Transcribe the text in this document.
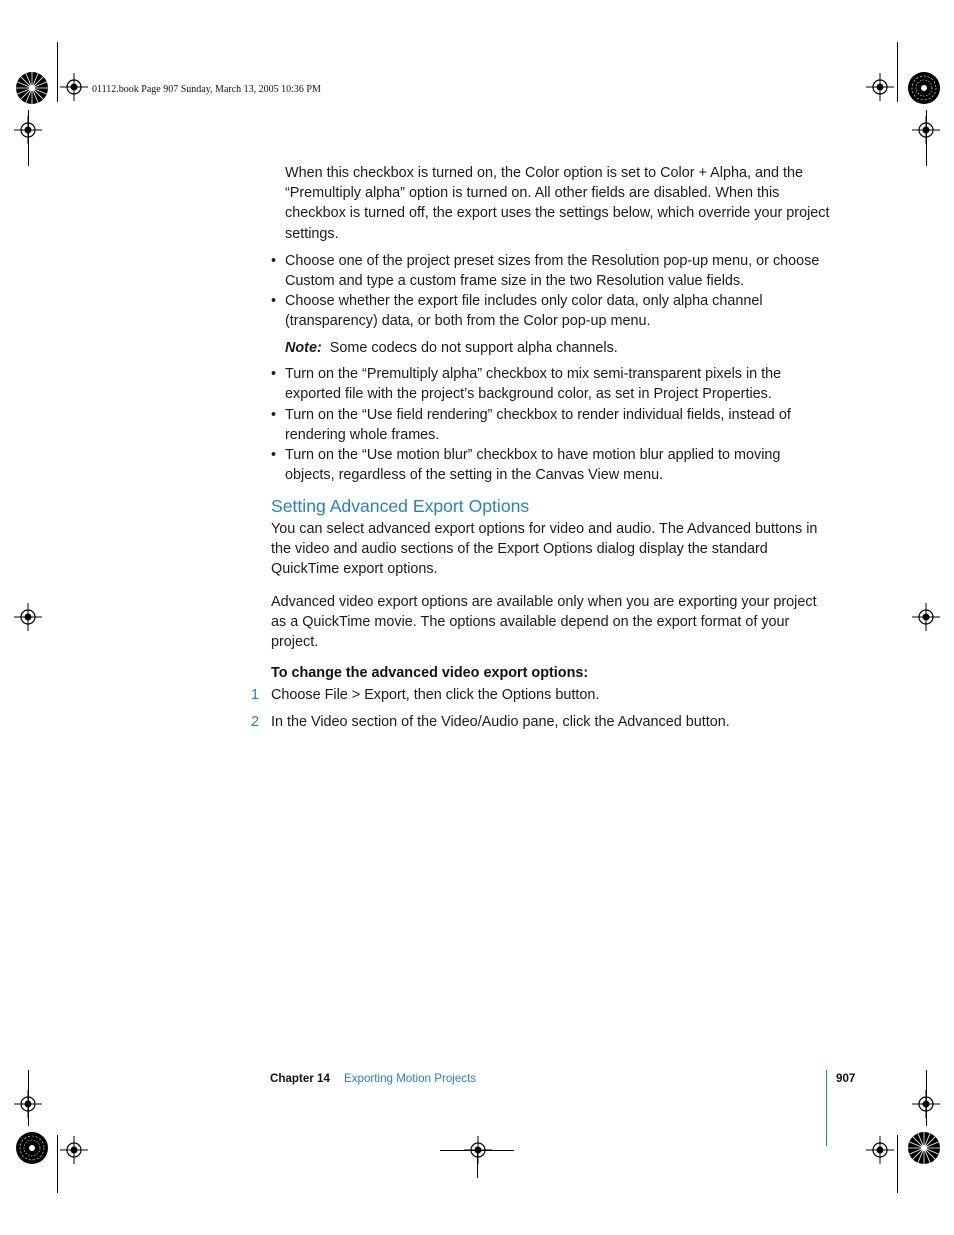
01112.book Page 907 Sunday, March 13, 2005 10:36 PM
When this checkbox is turned on, the Color option is set to Color + Alpha, and the “Premultiply alpha” option is turned on. All other fields are disabled. When this checkbox is turned off, the export uses the settings below, which override your project settings.
• Choose one of the project preset sizes from the Resolution pop-up menu, or choose Custom and type a custom frame size in the two Resolution value fields.
• Choose whether the export file includes only color data, only alpha channel (transparency) data, or both from the Color pop-up menu.
Note: Some codecs do not support alpha channels.
• Turn on the “Premultiply alpha” checkbox to mix semi-transparent pixels in the exported file with the project’s background color, as set in Project Properties.
• Turn on the “Use field rendering” checkbox to render individual fields, instead of rendering whole frames.
• Turn on the “Use motion blur” checkbox to have motion blur applied to moving objects, regardless of the setting in the Canvas View menu.
Setting Advanced Export Options
You can select advanced export options for video and audio. The Advanced buttons in the video and audio sections of the Export Options dialog display the standard QuickTime export options.
Advanced video export options are available only when you are exporting your project as a QuickTime movie. The options available depend on the export format of your project.
To change the advanced video export options:
1 Choose File > Export, then click the Options button.
2 In the Video section of the Video/Audio pane, click the Advanced button.
Chapter 14 Exporting Motion Projects	907
